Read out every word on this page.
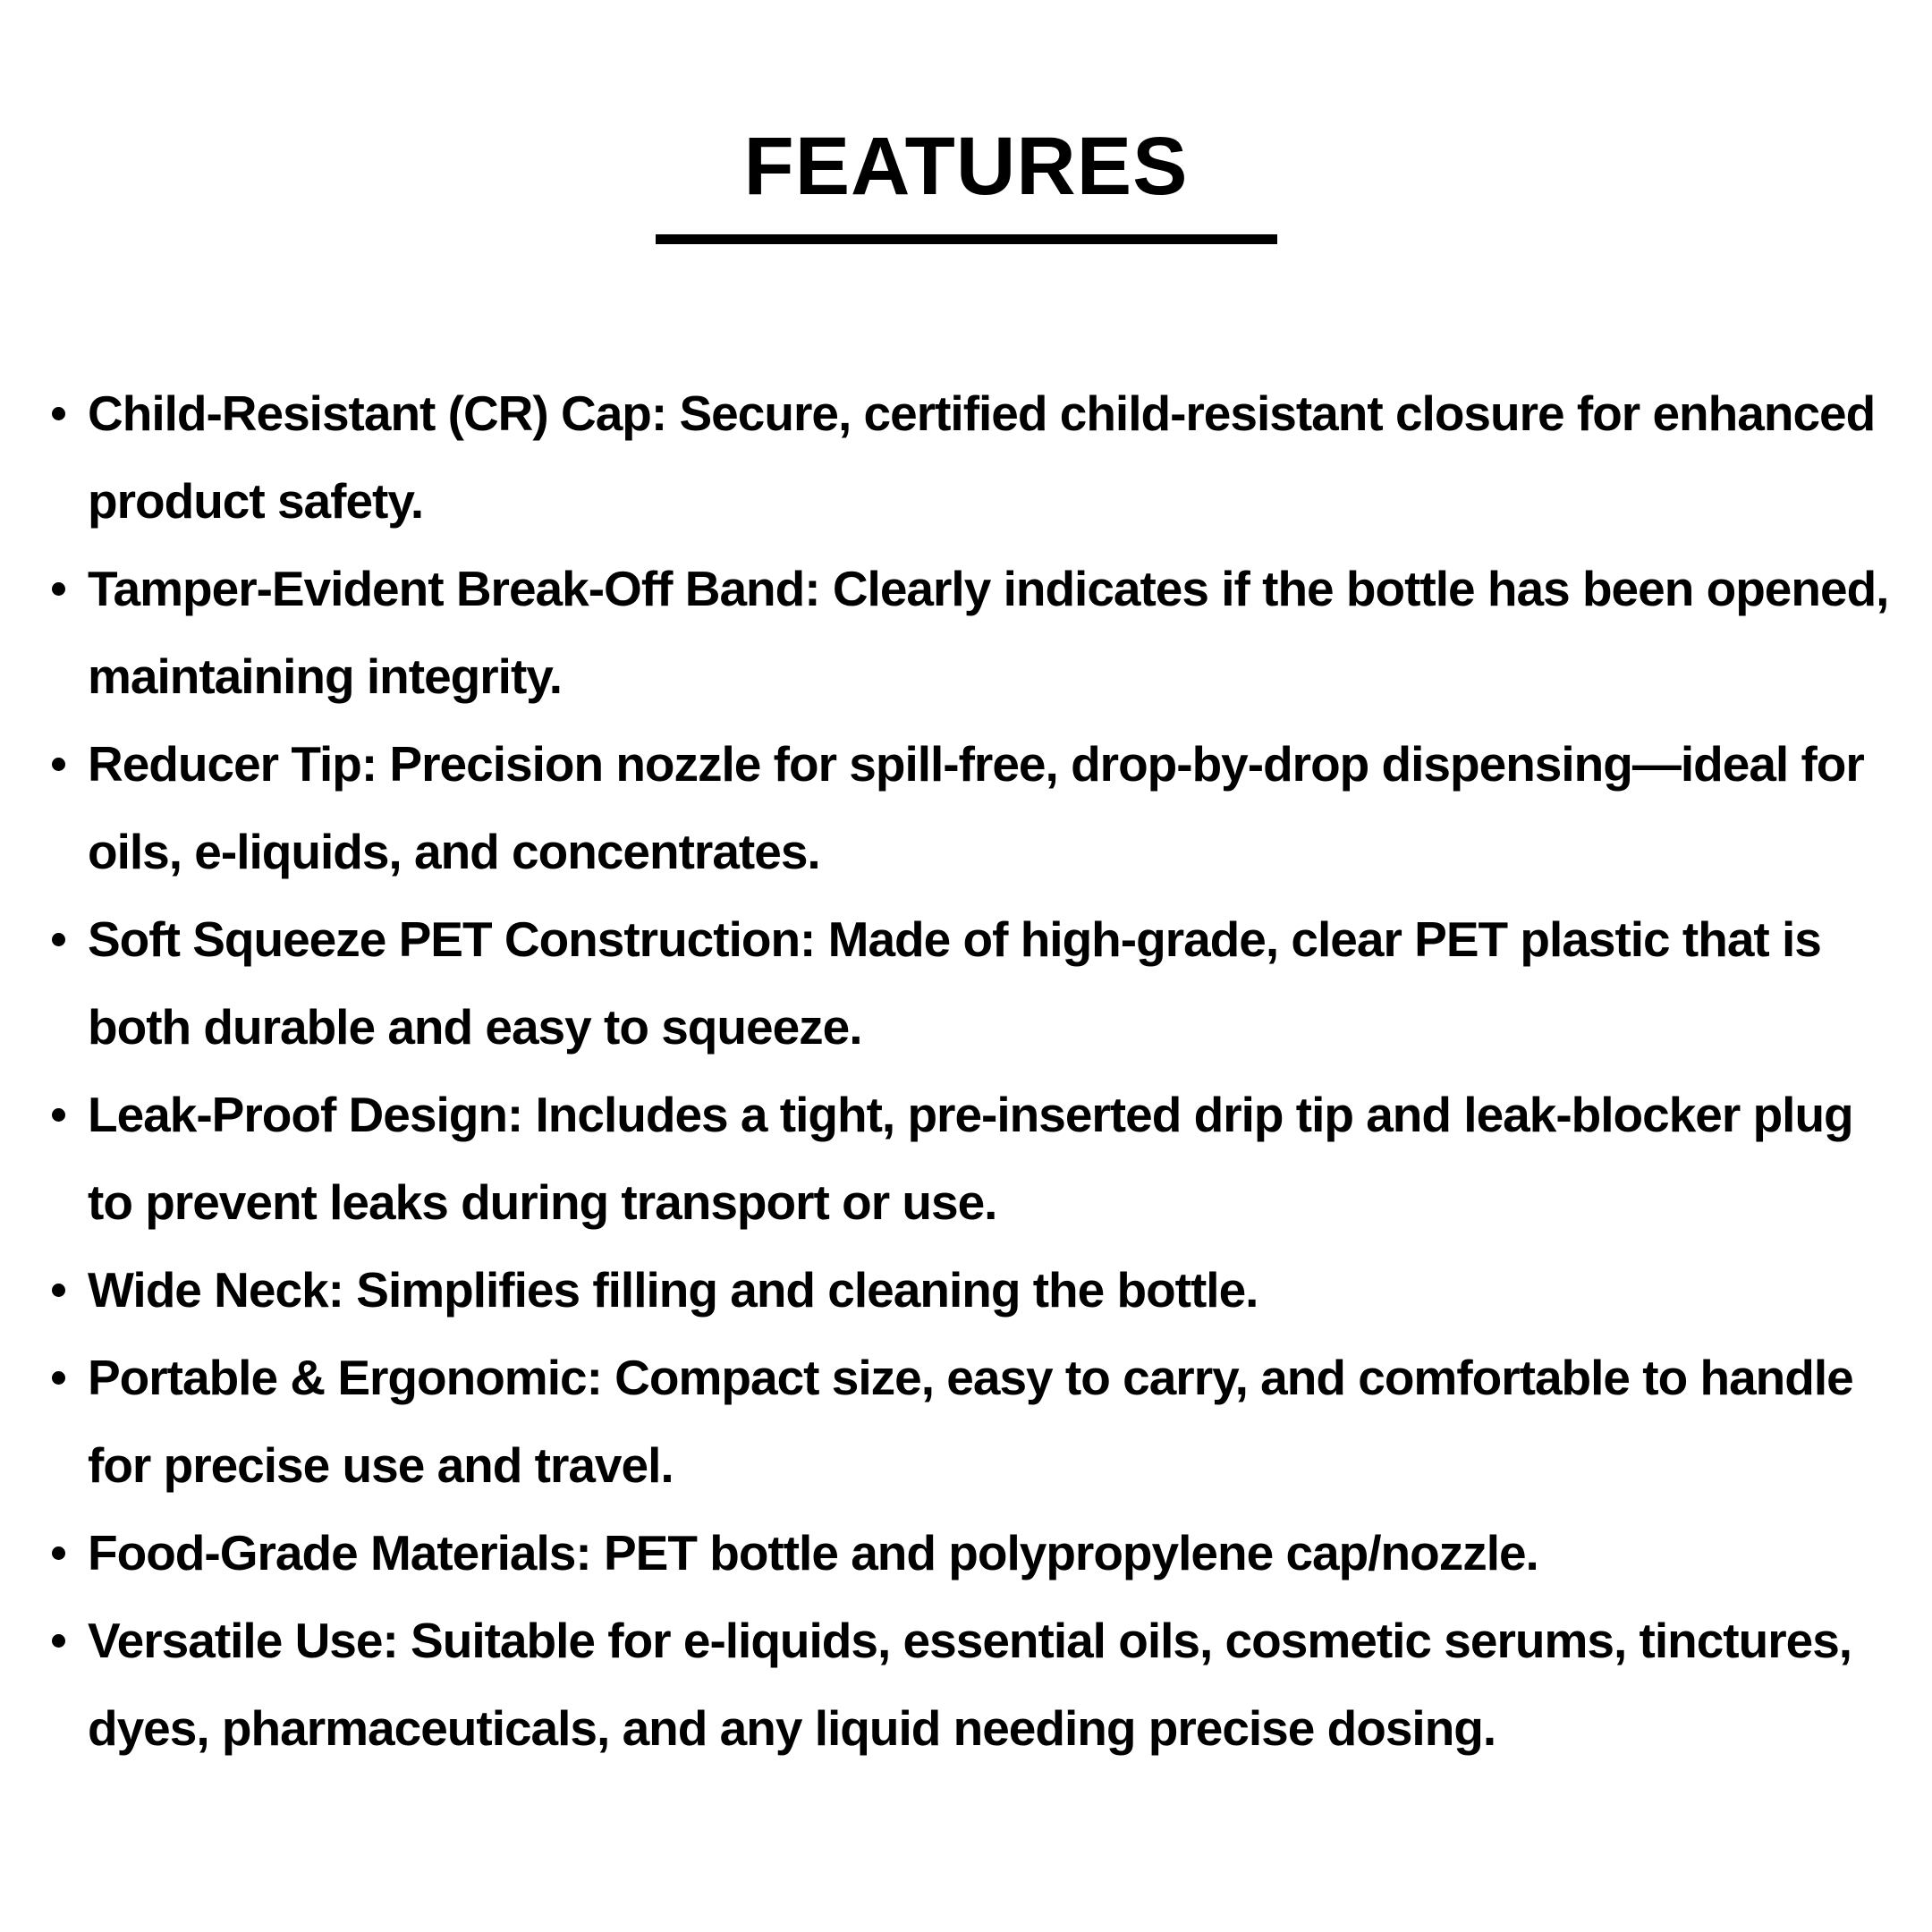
FEATURES
Child-Resistant (CR) Cap: Secure, certified child-resistant closure for enhanced product safety.
Tamper-Evident Break-Off Band: Clearly indicates if the bottle has been opened, maintaining integrity.
Reducer Tip: Precision nozzle for spill-free, drop-by-drop dispensing—ideal for oils, e-liquids, and concentrates.
Soft Squeeze PET Construction: Made of high-grade, clear PET plastic that is both durable and easy to squeeze.
Leak-Proof Design: Includes a tight, pre-inserted drip tip and leak-blocker plug to prevent leaks during transport or use.
Wide Neck: Simplifies filling and cleaning the bottle.
Portable & Ergonomic: Compact size, easy to carry, and comfortable to handle for precise use and travel.
Food-Grade Materials: PET bottle and polypropylene cap/nozzle.
Versatile Use: Suitable for e-liquids, essential oils, cosmetic serums, tinctures, dyes, pharmaceuticals, and any liquid needing precise dosing.
